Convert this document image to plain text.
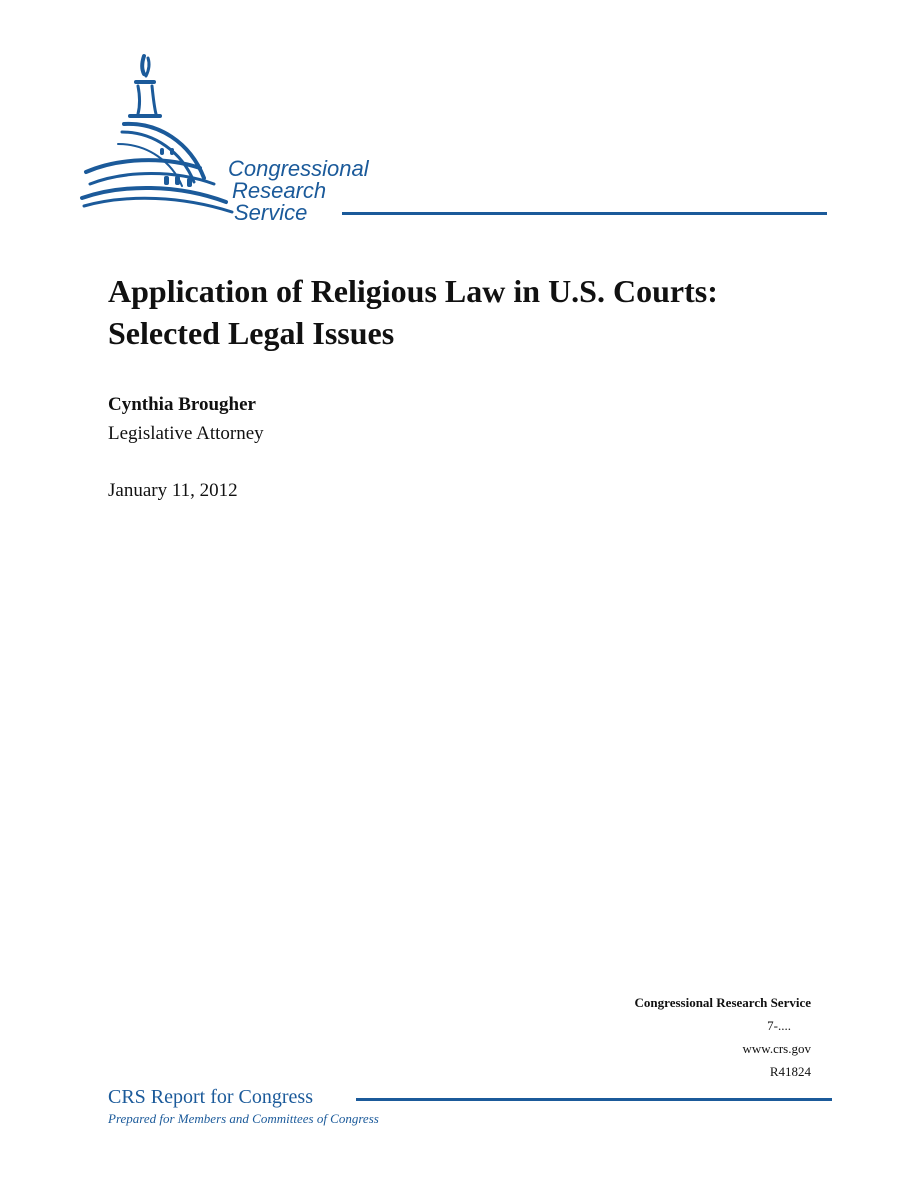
Congressional
Research
Service
Application of Religious Law in U.S. Courts: Selected Legal Issues
Cynthia Brougher
Legislative Attorney
January 11, 2012
Congressional Research Service
7-....
www.crs.gov
R41824
CRS Report for Congress
Prepared for Members and Committees of Congress
